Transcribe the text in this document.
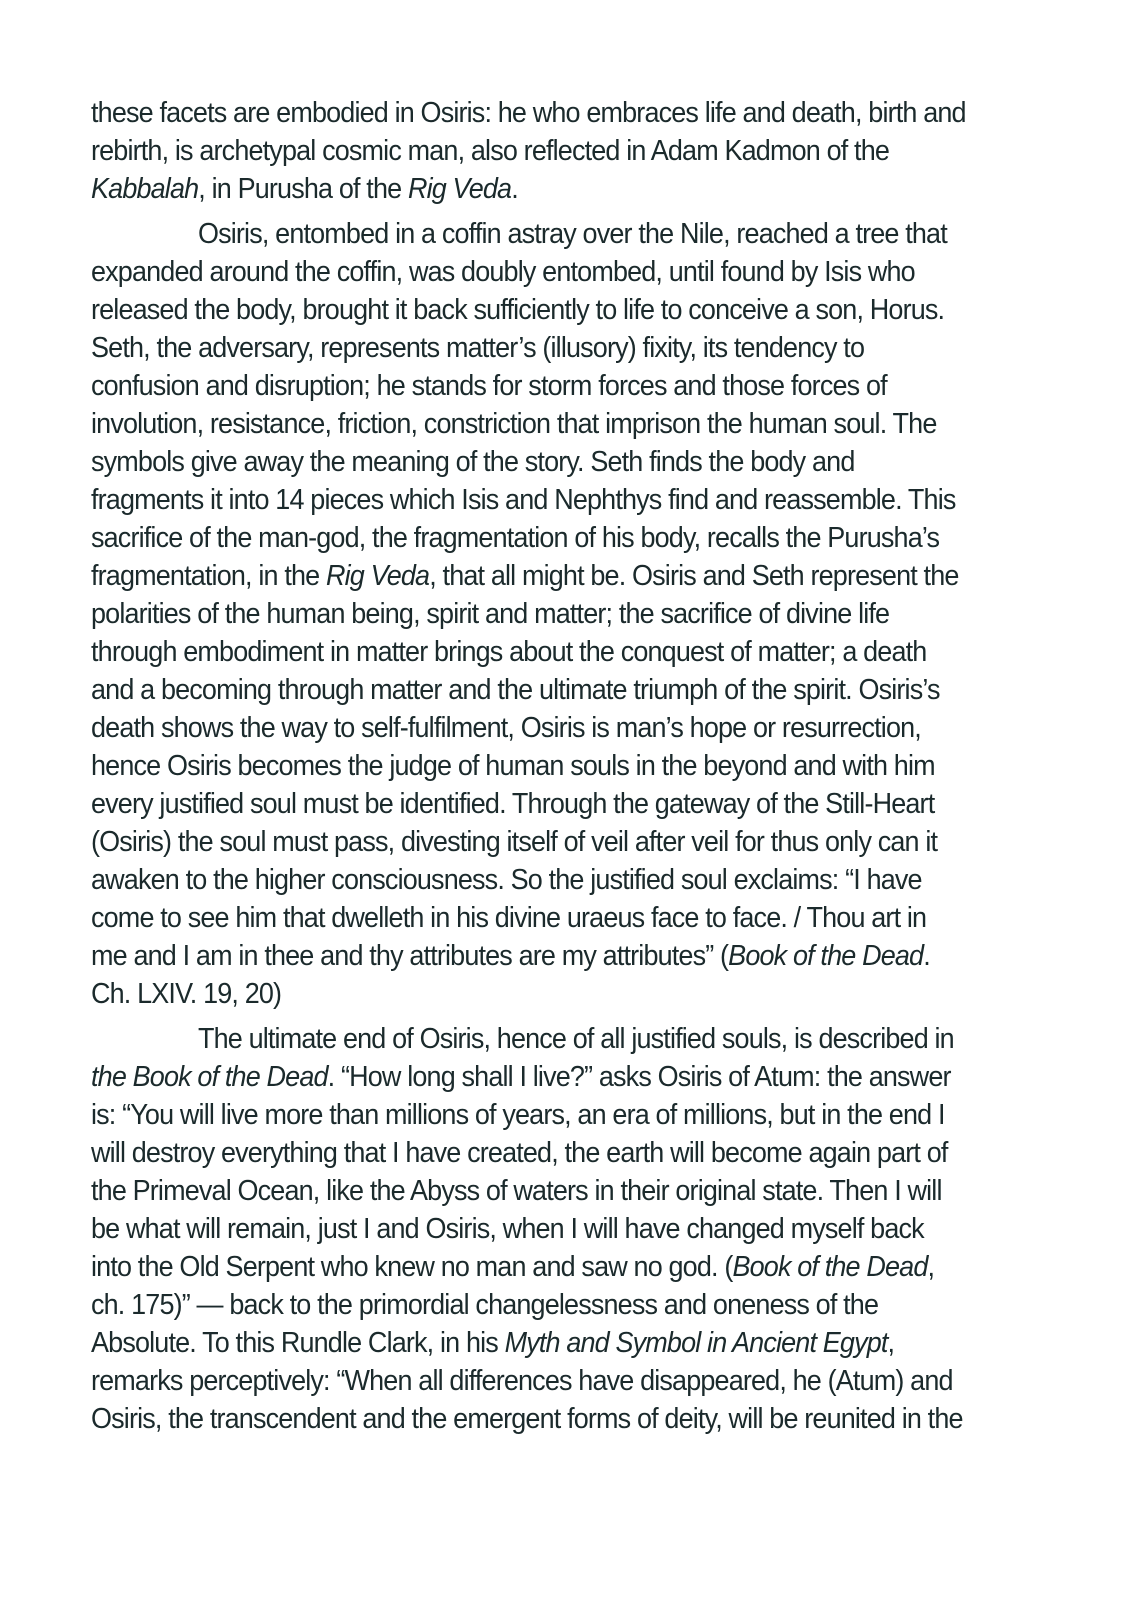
these facets are embodied in Osiris: he who embraces life and death, birth and
rebirth, is archetypal cosmic man, also reflected in Adam Kadmon of the
Kabbalah, in Purusha of the Rig Veda.
Osiris, entombed in a coffin astray over the Nile, reached a tree that
expanded around the coffin, was doubly entombed, until found by Isis who
released the body, brought it back sufficiently to life to conceive a son, Horus.
Seth, the adversary, represents matter’s (illusory) fixity, its tendency to
confusion and disruption; he stands for storm forces and those forces of
involution, resistance, friction, constriction that imprison the human soul. The
symbols give away the meaning of the story. Seth finds the body and
fragments it into 14 pieces which Isis and Nephthys find and reassemble. This
sacrifice of the man-god, the fragmentation of his body, recalls the Purusha’s
fragmentation, in the Rig Veda, that all might be. Osiris and Seth represent the
polarities of the human being, spirit and matter; the sacrifice of divine life
through embodiment in matter brings about the conquest of matter; a death
and a becoming through matter and the ultimate triumph of the spirit. Osiris’s
death shows the way to self-fulfilment, Osiris is man’s hope or resurrection,
hence Osiris becomes the judge of human souls in the beyond and with him
every justified soul must be identified. Through the gateway of the Still-Heart
(Osiris) the soul must pass, divesting itself of veil after veil for thus only can it
awaken to the higher consciousness. So the justified soul exclaims: “I have
come to see him that dwelleth in his divine uraeus face to face. / Thou art in
me and I am in thee and thy attributes are my attributes” (Book of the Dead.
Ch. LXIV. 19, 20)
The ultimate end of Osiris, hence of all justified souls, is described in
the Book of the Dead. “How long shall I live?” asks Osiris of Atum: the answer
is: “You will live more than millions of years, an era of millions, but in the end I
will destroy everything that I have created, the earth will become again part of
the Primeval Ocean, like the Abyss of waters in their original state. Then I will
be what will remain, just I and Osiris, when I will have changed myself back
into the Old Serpent who knew no man and saw no god. (Book of the Dead,
ch. 175)” — back to the primordial changelessness and oneness of the
Absolute. To this Rundle Clark, in his Myth and Symbol in Ancient Egypt,
remarks perceptively: “When all differences have disappeared, he (Atum) and
Osiris, the transcendent and the emergent forms of deity, will be reunited in the
